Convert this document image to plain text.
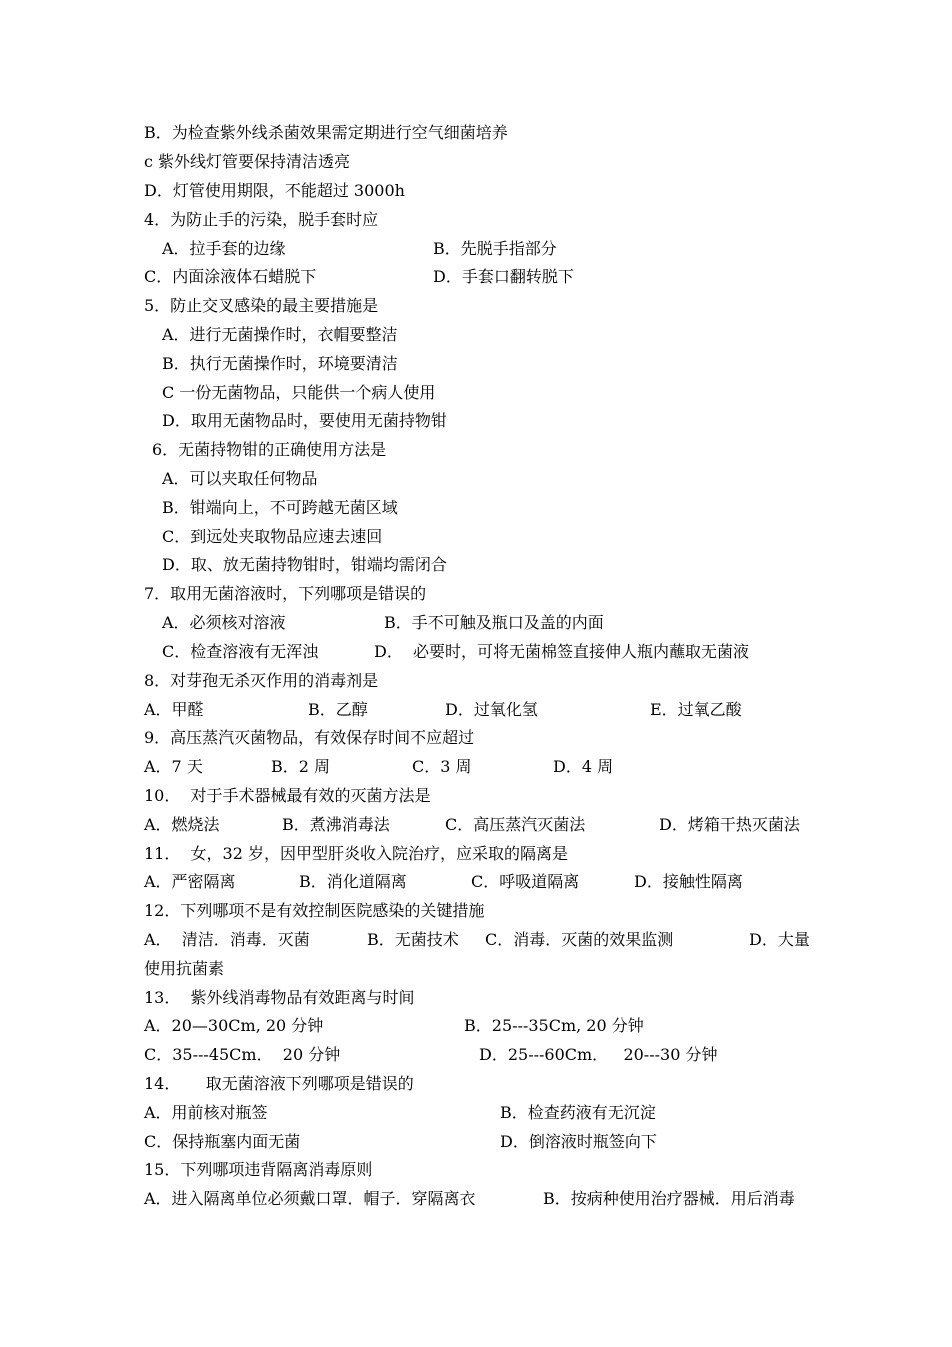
B．为检查紫外线杀菌效果需定期进行空气细菌培养
c 紫外线灯管要保持清洁透亮
D．灯管使用期限，不能超过 3000h
4．为防止手的污染，脱手套时应

A．拉手套的边缘

	B．先脱手指部分

C．内面涂液体石蜡脱下

	D．手套口翻转脱下

5．防止交叉感染的最主要措施是
A．进行无菌操作时，衣帽要整洁
B．执行无菌操作时，环境要清洁
C 一份无菌物品，只能供一个病人使用
D．取用无菌物品时，要使用无菌持物钳
6．无菌持物钳的正确使用方法是
A．可以夹取任何物品
B．钳端向上，不可跨越无菌区域
C．到远处夹取物品应速去速回
D．取、放无菌持物钳时，钳端均需闭合
7．取用无菌溶液时，下列哪项是错误的

A．必须核对溶液

	B．手不可触及瓶口及盖的内面

C．检查溶液有无浑浊

	D．  必要时，可将无菌棉签直接伸人瓶内蘸取无菌液

8．对芽孢无杀灭作用的消毒剂是

A．甲醛

	B．乙醇

	D．过氧化氢

	E．过氧乙酸

9．高压蒸汽灭菌物品，有效保存时间不应超过

A．7 天

	B．2 周

	C．3 周

	D．4 周

10．  对于手术器械最有效的灭菌方法是

A．燃烧法

	B．煮沸消毒法

	C．高压蒸汽灭菌法

	D．烤箱干热灭菌法

11．  女，32 岁，因甲型肝炎收入院治疗，应采取的隔离是

A．严密隔离

	B．消化道隔离

	C．呼吸道隔离

	D．接触性隔离

12．下列哪项不是有效控制医院感染的关键措施

A．  清洁．消毒．灭菌

	B．无菌技术

C．消毒．灭菌的效果监测

	D．大量

使用抗菌素
13．  紫外线消毒物品有效距离与时间

A．20—30Cm, 20 分钟

	B．25---35Cm, 20 分钟

C．35---45Cm．  20 分钟

	D．25---60Cm．   20---30 分钟

14．     取无菌溶液下列哪项是错误的

A．用前核对瓶签

	B．检查药液有无沉淀

C．保持瓶塞内面无菌

	D．倒溶液时瓶签向下

15．下列哪项违背隔离消毒原则

A．进入隔离单位必须戴口罩．帽子．穿隔离衣

	B．按病种使用治疗器械．用后消毒
